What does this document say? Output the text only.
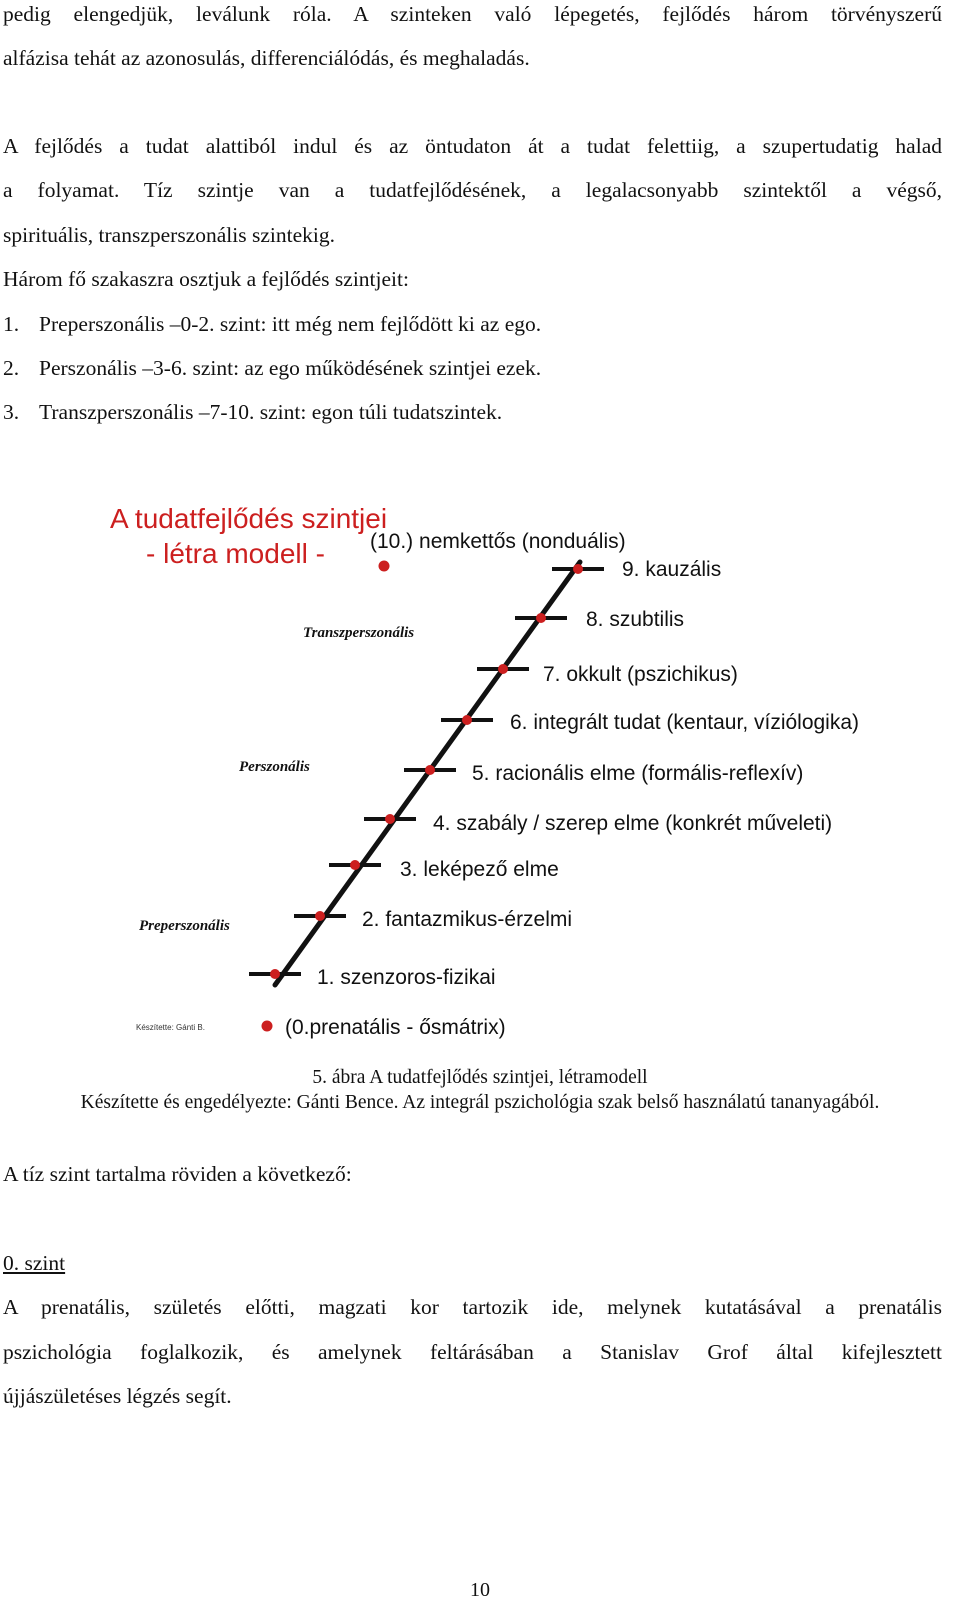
pedig elengedjük, leválunk róla. A szinteken való lépegetés, fejlődés három törvényszerű
alfázisa tehát az azonosulás, differenciálódás, és meghaladás.
A fejlődés a tudat alattiból indul és az öntudaton át a tudat felettiig, a szupertudatig halad
a folyamat. Tíz szintje van a tudatfejlődésének, a legalacsonyabb szintektől a végső,
spirituális, transzperszonális szintekig.
Három fő szakaszra osztjuk a fejlődés szintjeit:
1. Preperszonális –0-2. szint: itt még nem fejlődött ki az ego.
2. Perszonális –3-6. szint: az ego működésének szintjei ezek.
3. Transzperszonális –7-10. szint: egon túli tudatszintek.
A tudatfejlődés szintjei
- létra modell -
Transzperszonális
Perszonális
Preperszonális
Készítette: Gánti B.	(0.prenatális - ősmátrix)
1. szenzoros-fizikai
2. fantazmikus-érzelmi
3. leképező elme
4. szabály / szerep elme (konkrét műveleti)
5. racionális elme (formális-reflexív)
6. integrált tudat (kentaur, víziólogika)
7. okkult (pszichikus)
8. szubtilis
9. kauzális
(10.) nemkettős (nonduális)
5. ábra A tudatfejlődés szintjei, létramodell
Készítette és engedélyezte: Gánti Bence. Az integrál pszichológia szak belső használatú tananyagából.
A tíz szint tartalma röviden a következő:
0. szint
A prenatális, születés előtti, magzati kor tartozik ide, melynek kutatásával a prenatális
pszichológia foglalkozik, és amelynek feltárásában a Stanislav Grof által kifejlesztett
újjászületéses légzés segít.
10
